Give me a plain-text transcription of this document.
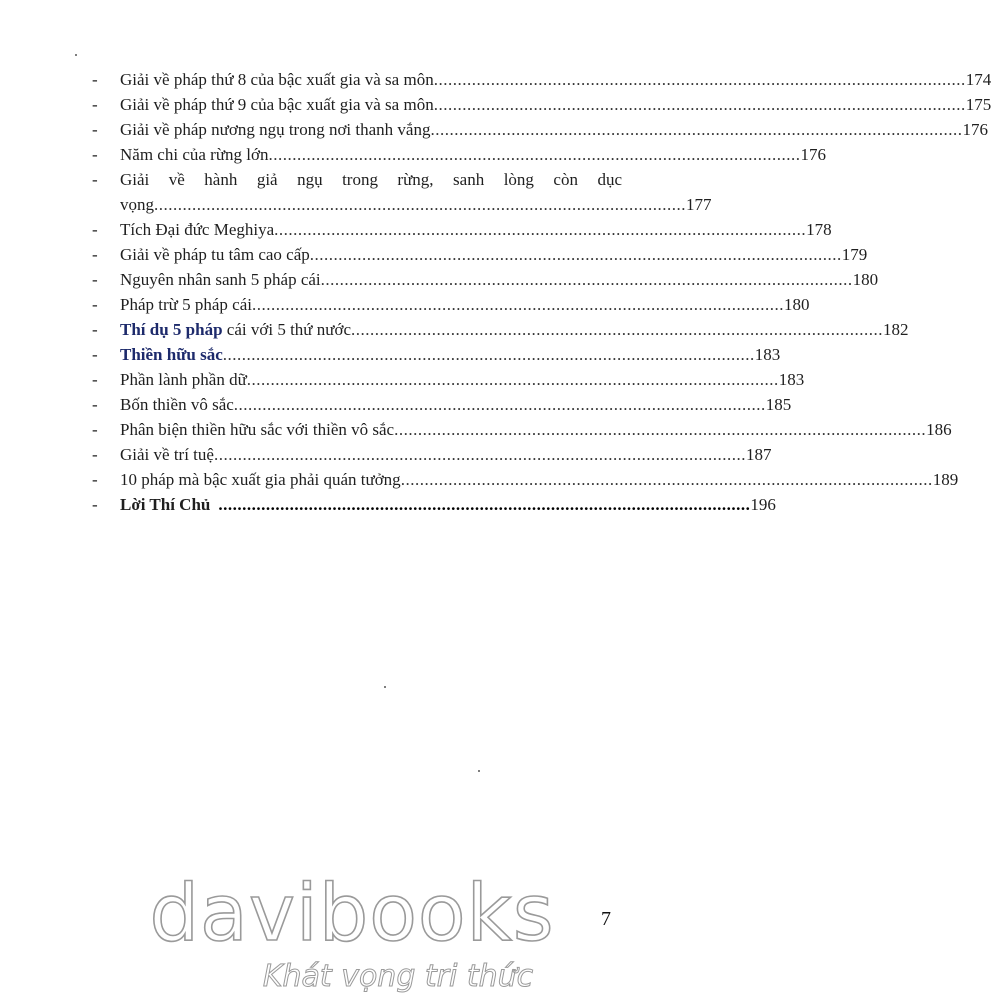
-	Giải về pháp thứ 8 của bậc xuất gia và sa môn ................................................................................................................ 174
-	Giải về pháp thứ 9 của bậc xuất gia và sa môn ................................................................................................................ 175
-	Giải về pháp nương ngụ trong nơi thanh vắng ................................................................................................................ 176
-	Năm chi của rừng lớn ................................................................................................................ 176
-	Giải về hành giả ngụ trong rừng, sanh lòng còn dục
vọng ................................................................................................................ 177
-	Tích Đại đức Meghiya ................................................................................................................ 178
-	Giải về pháp tu tâm cao cấp ................................................................................................................ 179
-	Nguyên nhân sanh 5 pháp cái ................................................................................................................ 180
-	Pháp trừ 5 pháp cái ................................................................................................................ 180
-	Thí dụ 5 pháp cái với 5 thứ nước ................................................................................................................ 182
-	Thiền hữu sắc ................................................................................................................ 183
-	Phần lành phần dữ ................................................................................................................ 183
-	Bốn thiền vô sắc ................................................................................................................ 185
-	Phân biện thiền hữu sắc với thiền vô sắc ................................................................................................................ 186
-	Giải về trí tuệ ................................................................................................................ 187
-	10 pháp mà bậc xuất gia phải quán tưởng ................................................................................................................ 189
-	Lời Thí Chủ ................................................................................................................ 196
7
davibooks
Khát vọng tri thức
